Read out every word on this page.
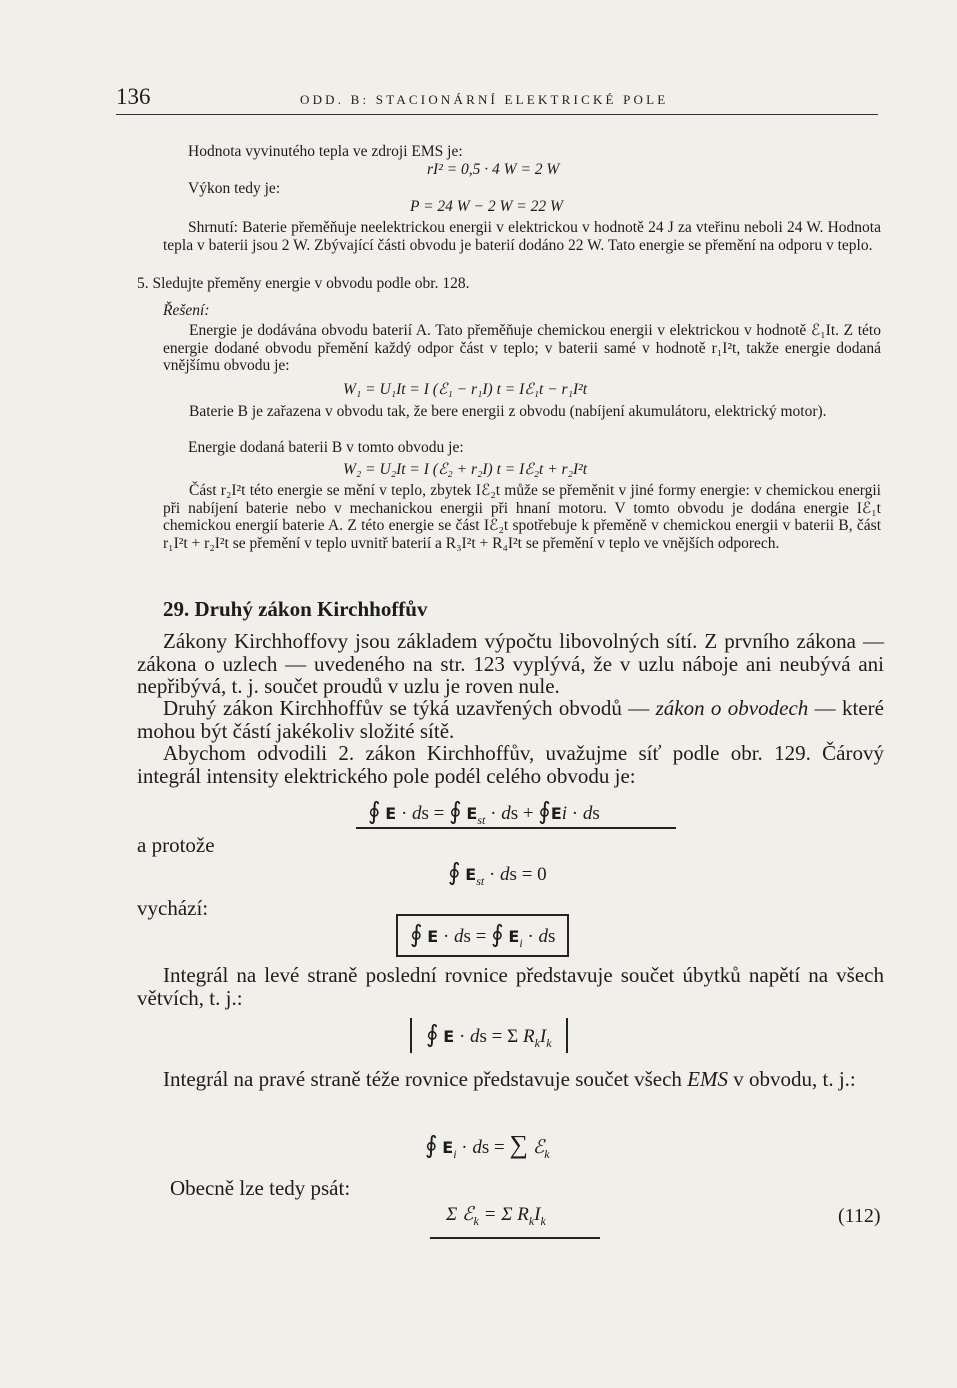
136	ODD. B: STACIONÁRNÍ ELEKTRICKÉ POLE
Hodnota vyvinutého tepla ve zdroji EMS je:
rI² = 0,5 · 4 W = 2 W
Výkon tedy je:
P = 24 W − 2 W = 22 W
Shrnutí: Baterie přeměňuje neelektrickou energii v elektrickou v hodnotě 24 J za vteřinu neboli 24 W. Hodnota tepla v baterii jsou 2 W. Zbývající části obvodu je baterií dodáno 22 W. Tato energie se přemění na odporu v teplo.
5. Sledujte přeměny energie v obvodu podle obr. 128.
Řešení:
Energie je dodávána obvodu baterií A. Tato přeměňuje chemickou energii v elektrickou v hodnotě ℰ₁It. Z této energie dodané obvodu přemění každý odpor část v teplo; v baterii samé v hodnotě r₁I²t, takže energie dodaná vnějšímu obvodu je:
W₁ = U₁It = I (ℰ₁ − r₁I) t = Iℰ₁t − r₁I²t
Baterie B je zařazena v obvodu tak, že bere energii z obvodu (nabíjení akumulátoru, elektrický motor).
Energie dodaná baterii B v tomto obvodu je:
W₂ = U₂It = I (ℰ₂ + r₂I) t = Iℰ₂t + r₂I²t
Část r₂I²t této energie se mění v teplo, zbytek Iℰ₂t může se přeměnit v jiné formy energie: v chemickou energii při nabíjení baterie nebo v mechanickou energii při hnaní motoru. V tomto obvodu je dodána energie Iℰ₁t chemickou energií baterie A. Z této energie se část Iℰ₂t spotřebuje k přeměně v chemickou energii v baterii B, část r₁I²t + r₂I²t se přemění v teplo uvnitř baterií a R₃I²t + R₄I²t se přemění v teplo ve vnějších odporech.
29. Druhý zákon Kirchhoffův
Zákony Kirchhoffovy jsou základem výpočtu libovolných sítí. Z prvního zákona — zákona o uzlech — uvedeného na str. 123 vyplývá, že v uzlu náboje ani neubývá ani nepřibývá, t. j. součet proudů v uzlu je roven nule.
Druhý zákon Kirchhoffův se týká uzavřených obvodů — zákon o obvodech — které mohou být částí jakékoliv složité sítě.
Abychom odvodili 2. zákon Kirchhoffův, uvažujme síť podle obr. 129. Čárový integrál intensity elektrického pole podél celého obvodu je:
∮ E · ds = ∮ $E_{st}$ · ds + ∮Ei · ds
a protože
∮ $E_{st}$ · ds = 0
vychází:
∮ E · ds = ∮ $E_i$ · ds
Integrál na levé straně poslední rovnice představuje součet úbytků napětí na všech větvích, t. j.:
∮ E · ds = Σ $R_kI_k$
Integrál na pravé straně téže rovnice představuje součet všech EMS v obvodu, t. j.:
∮ $E_i$ · ds = ∑ ℰ$_k$
Obecně lze tedy psát:
Σ ℰ$_k$ = Σ $R_kI_k$	(112)
